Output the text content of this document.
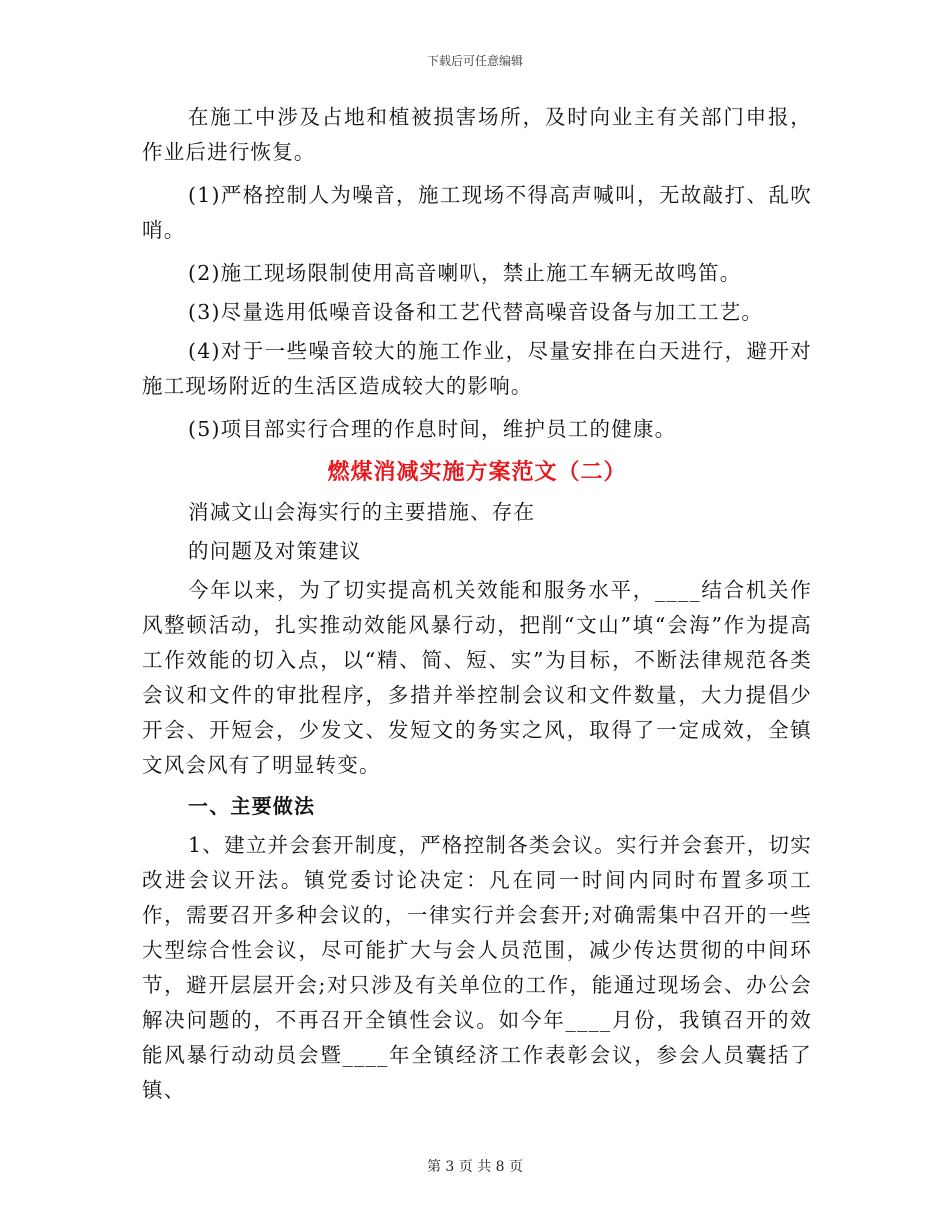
下载后可任意编辑

在施工中涉及占地和植被损害场所，及时向业主有关部门申报，作业后进行恢复。

(1)严格控制人为噪音，施工现场不得高声喊叫，无故敲打、乱吹哨。

(2)施工现场限制使用高音喇叭，禁止施工车辆无故鸣笛。

(3)尽量选用低噪音设备和工艺代替高噪音设备与加工工艺。

(4)对于一些噪音较大的施工作业，尽量安排在白天进行，避开对施工现场附近的生活区造成较大的影响。

(5)项目部实行合理的作息时间，维护员工的健康。

燃煤消减实施方案范文（二）

消减文山会海实行的主要措施、存在

的问题及对策建议

今年以来，为了切实提高机关效能和服务水平，____结合机关作风整顿活动，扎实推动效能风暴行动，把削“文山”填“会海”作为提高工作效能的切入点，以“精、简、短、实”为目标，不断法律规范各类会议和文件的审批程序，多措并举控制会议和文件数量，大力提倡少开会、开短会，少发文、发短文的务实之风，取得了一定成效，全镇文风会风有了明显转变。

一、主要做法

1、建立并会套开制度，严格控制各类会议。实行并会套开，切实改进会议开法。镇党委讨论决定：凡在同一时间内同时布置多项工作，需要召开多种会议的，一律实行并会套开;对确需集中召开的一些大型综合性会议，尽可能扩大与会人员范围，减少传达贯彻的中间环节，避开层层开会;对只涉及有关单位的工作，能通过现场会、办公会解决问题的，不再召开全镇性会议。如今年____月份，我镇召开的效能风暴行动动员会暨____年全镇经济工作表彰会议，参会人员囊括了镇、

第 3 页 共 8 页
